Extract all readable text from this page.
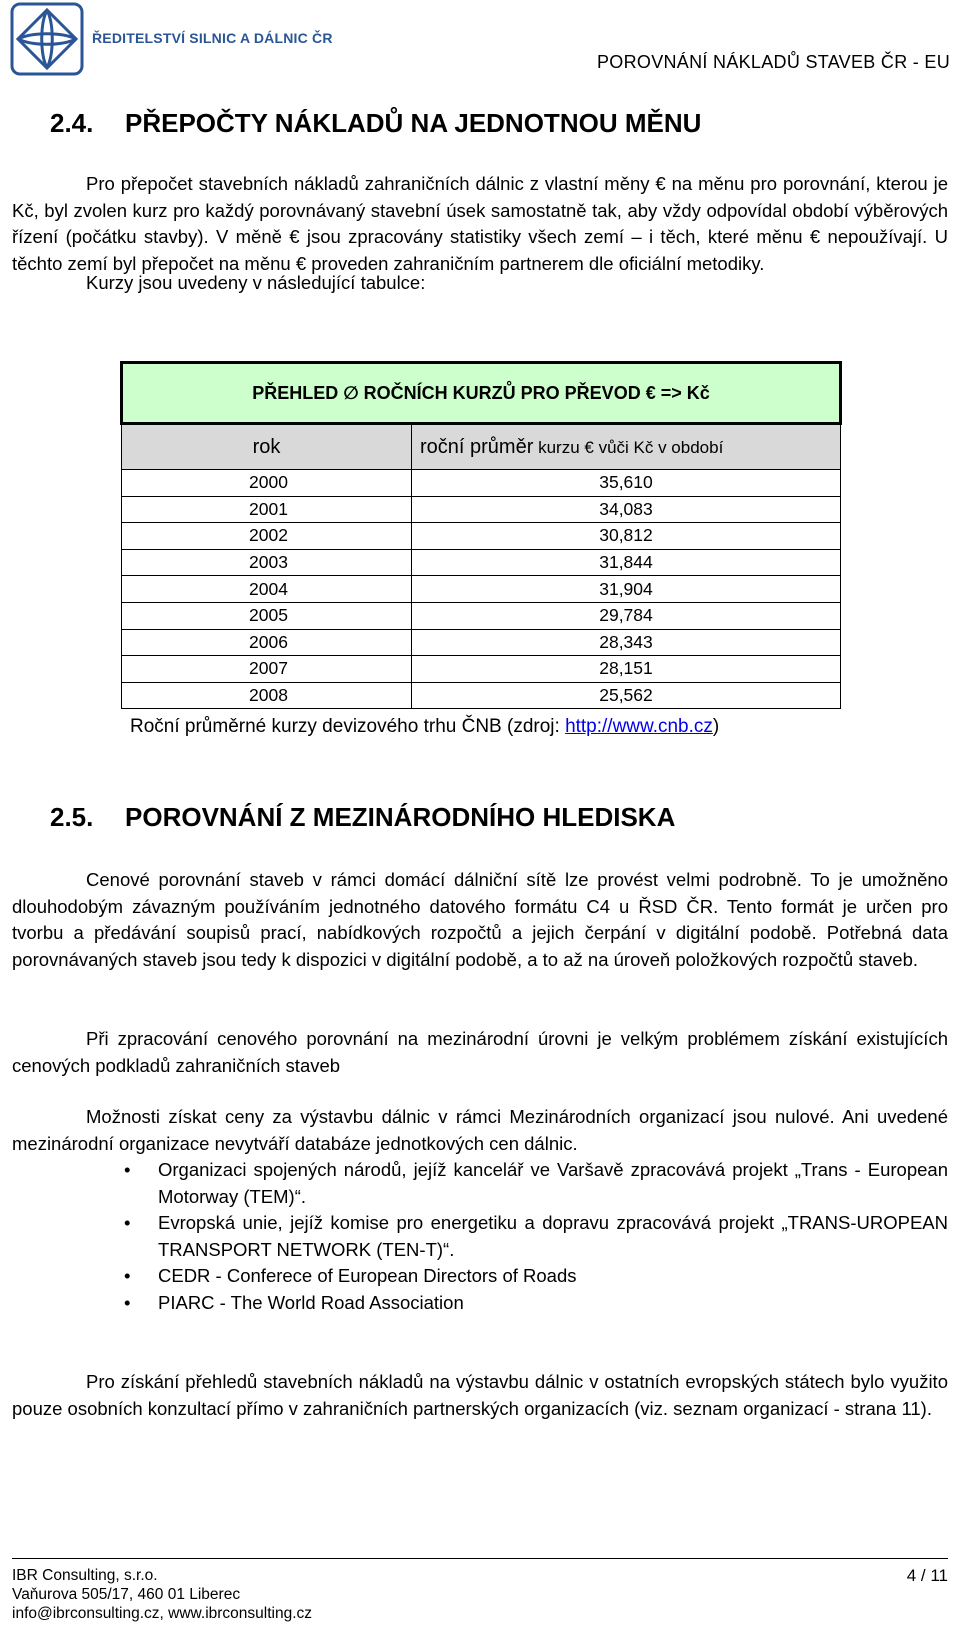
ŘEDITELSTVÍ SILNIC A DÁLNIC ČR
POROVNÁNÍ NÁKLADŮ STAVEB ČR - EU
2.4. PŘEPOČTY NÁKLADŮ NA JEDNOTNOU MĚNU

Pro přepočet stavebních nákladů zahraničních dálnic z vlastní měny € na měnu pro porovnání, kterou je Kč, byl zvolen kurz pro každý porovnávaný stavební úsek samostatně tak, aby vždy odpovídal období výběrových řízení (počátku stavby). V měně € jsou zpracovány statistiky všech zemí – i těch, které měnu € nepoužívají. U těchto zemí byl přepočet na měnu € proveden zahraničním partnerem dle oficiální metodiky.

Kurzy jsou uvedeny v následující tabulce:

PŘEHLED ∅ ROČNÍCH KURZŮ PRO PŘEVOD € => Kč	
rok	roční průměr kurzu € vůči Kč v období
2000	35,610
2001	34,083
2002	30,812
2003	31,844
2004	31,904
2005	29,784
2006	28,343
2007	28,151
2008	25,562
Roční průměrné kurzy devizového trhu ČNB (zdroj: http://www.cnb.cz)
2.5. POROVNÁNÍ Z MEZINÁRODNÍHO HLEDISKA

Cenové porovnání staveb v rámci domácí dálniční sítě lze provést velmi podrobně. To je umožněno dlouhodobým závazným používáním jednotného datového formátu C4 u ŘSD ČR. Tento formát je určen pro tvorbu a předávání soupisů prací, nabídkových rozpočtů a jejich čerpání v digitální podobě. Potřebná data porovnávaných staveb jsou tedy k dispozici v digitální podobě, a to až na úroveň položkových rozpočtů staveb.

Při zpracování cenového porovnání na mezinárodní úrovni je velkým problémem získání existujících cenových podkladů zahraničních staveb

Možnosti získat ceny za výstavbu dálnic v rámci Mezinárodních organizací jsou nulové. Ani uvedené mezinárodní organizace nevytváří databáze jednotkových cen dálnic.

• Organizaci spojených národů, jejíž kancelář ve Varšavě zpracovává projekt „Trans - European Motorway (TEM)“.
• Evropská unie, jejíž komise pro energetiku a dopravu zpracovává projekt „TRANS-UROPEAN TRANSPORT NETWORK (TEN-T)“.
• CEDR - Conferece of European Directors of Roads
• PIARC - The World Road Association

Pro získání přehledů stavebních nákladů na výstavbu dálnic v ostatních evropských státech bylo využito pouze osobních konzultací přímo v zahraničních partnerských organizacích (viz. seznam organizací - strana 11).

IBR Consulting, s.r.o.
Vaňurova 505/17, 460 01 Liberec
info@ibrconsulting.cz, www.ibrconsulting.cz
4 / 11
